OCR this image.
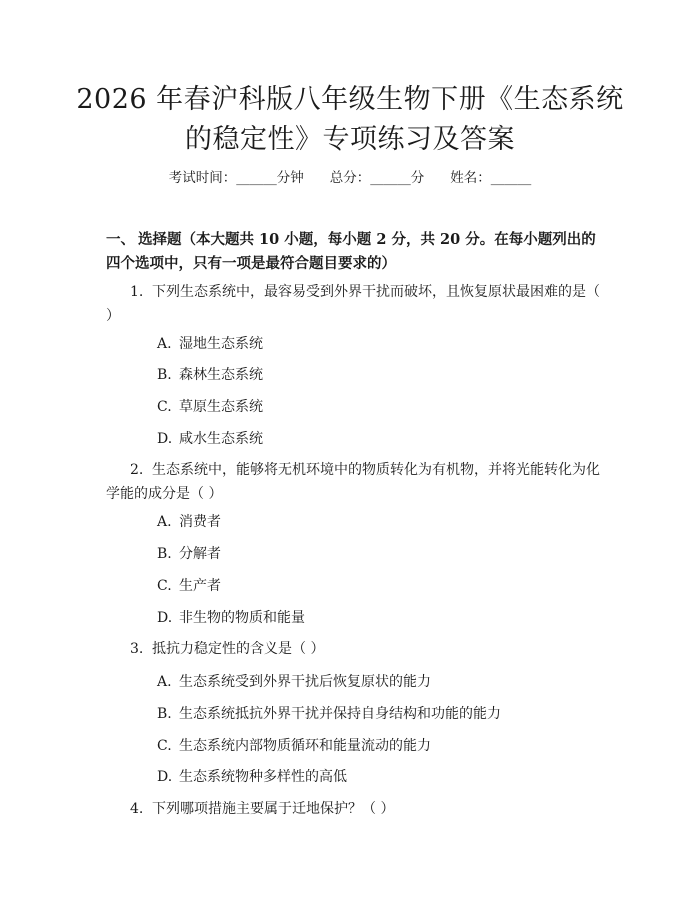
2026 年春沪科版八年级生物下册《生态系统
的稳定性》专项练习及答案
考试时间：______分钟 总分：______分 姓名：______
一、 选择题（本大题共 10 小题，每小题 2 分，共 20 分。在每小题列出的四个选项中，只有一项是最符合题目要求的）
1. 下列生态系统中，最容易受到外界干扰而破坏，且恢复原状最困难的是（ ）
A. 湿地生态系统
B. 森林生态系统
C. 草原生态系统
D. 咸水生态系统
2. 生态系统中，能够将无机环境中的物质转化为有机物，并将光能转化为化学能的成分是（ ）
A. 消费者
B. 分解者
C. 生产者
D. 非生物的物质和能量
3. 抵抗力稳定性的含义是（ ）
A. 生态系统受到外界干扰后恢复原状的能力
B. 生态系统抵抗外界干扰并保持自身结构和功能的能力
C. 生态系统内部物质循环和能量流动的能力
D. 生态系统物种多样性的高低
4. 下列哪项措施主要属于迁地保护？（ ）
